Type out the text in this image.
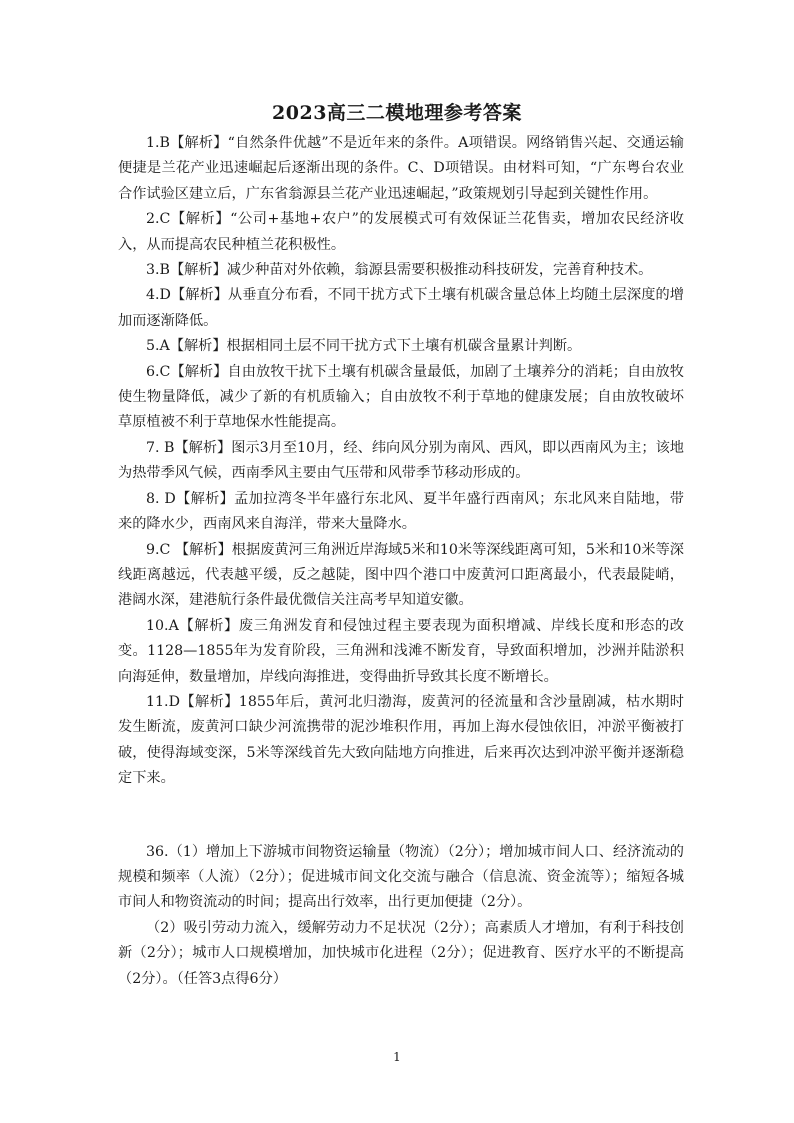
2023高三二模地理参考答案

1.B【解析】“自然条件优越”不是近年来的条件。A项错误。网络销售兴起、交通运输便捷是兰花产业迅速崛起后逐渐出现的条件。C、D项错误。由材料可知，“广东粤台农业合作试验区建立后，广东省翁源县兰花产业迅速崛起，”政策规划引导起到关键性作用。

2.C【解析】“公司+基地+农户”的发展模式可有效保证兰花售卖，增加农民经济收入，从而提高农民种植兰花积极性。

3.B【解析】减少种苗对外依赖，翁源县需要积极推动科技研发，完善育种技术。

4.D【解析】从垂直分布看，不同干扰方式下土壤有机碳含量总体上均随土层深度的增加而逐渐降低。

5.A【解析】根据相同土层不同干扰方式下土壤有机碳含量累计判断。

6.C【解析】自由放牧干扰下土壤有机碳含量最低，加剧了土壤养分的消耗；自由放牧使生物量降低，减少了新的有机质输入；自由放牧不利于草地的健康发展；自由放牧破坏草原植被不利于草地保水性能提高。

7. B【解析】图示3月至10月，经、纬向风分别为南风、西风，即以西南风为主；该地为热带季风气候，西南季风主要由气压带和风带季节移动形成的。

8. D【解析】孟加拉湾冬半年盛行东北风、夏半年盛行西南风；东北风来自陆地，带来的降水少，西南风来自海洋，带来大量降水。

9.C 【解析】根据废黄河三角洲近岸海域5米和10米等深线距离可知，5米和10米等深线距离越远，代表越平缓，反之越陡，图中四个港口中废黄河口距离最小，代表最陡峭，港阔水深，建港航行条件最优微信关注高考早知道安徽。

10.A【解析】废三角洲发育和侵蚀过程主要表现为面积增减、岸线长度和形态的改变。1128—1855年为发育阶段，三角洲和浅滩不断发育，导致面积增加，沙洲并陆淤积向海延伸，数量增加，岸线向海推进，变得曲折导致其长度不断增长。

11.D【解析】1855年后，黄河北归渤海，废黄河的径流量和含沙量剧减，枯水期时发生断流，废黄河口缺少河流携带的泥沙堆积作用，再加上海水侵蚀依旧，冲淤平衡被打破，使得海域变深，5米等深线首先大致向陆地方向推进，后来再次达到冲淤平衡并逐渐稳定下来。

36.（1）增加上下游城市间物资运输量（物流）（2分）；增加城市间人口、经济流动的规模和频率（人流）（2分）；促进城市间文化交流与融合（信息流、资金流等）；缩短各城市间人和物资流动的时间；提高出行效率，出行更加便捷（2分）。

（2）吸引劳动力流入，缓解劳动力不足状况（2分）；高素质人才增加，有利于科技创新（2分）；城市人口规模增加，加快城市化进程（2分）；促进教育、医疗水平的不断提高（2分）。（任答3点得6分）

1
